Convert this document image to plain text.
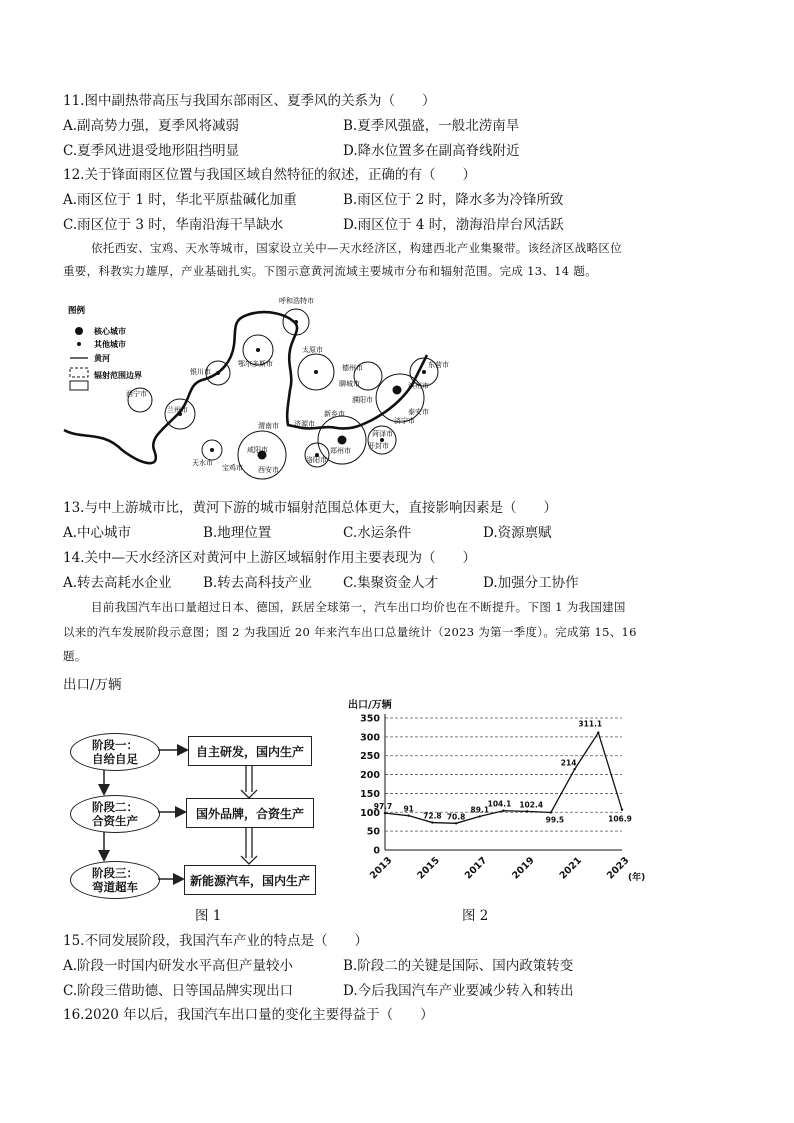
11.图中副热带高压与我国东部雨区、夏季风的关系为（　　）
A.副高势力强，夏季风将减弱	B.夏季风强盛，一般北涝南旱
C.夏季风进退受地形阻挡明显	D.降水位置多在副高脊线附近
12.关于锋面雨区位置与我国区域自然特征的叙述，正确的有（　　）
A.雨区位于 1 时，华北平原盐碱化加重	B.雨区位于 2 时，降水多为冷锋所致
C.雨区位于 3 时，华南沿海干旱缺水	D.雨区位于 4 时，渤海沿岸台风活跃
依托西安、宝鸡、天水等城市，国家设立关中—天水经济区，构建西北产业集聚带。该经济区战略区位
重要，科教实力雄厚，产业基础扎实。下图示意黄河流域主要城市分布和辐射范围。完成 13、14 题。
图例
核心城市
其他城市
黄河
辐射范围边界
呼和浩特市
鄂尔多斯市
银川市
太原市
德州市	东营市
聊城市	滨州市
西宁市
兰州市
濮阳市
泰安市
济宁市
新乡市
渭南市 济源市
菏泽市
开封市
郑州市
洛阳市
天水市
宝鸡市
咸阳市
西安市
13.与中上游城市比，黄河下游的城市辐射范围总体更大，直接影响因素是（　　）
A.中心城市	B.地理位置	C.水运条件	D.资源禀赋
14.关中—天水经济区对黄河中上游区域辐射作用主要表现为（　　）
A.转去高耗水企业 B.转去高科技产业 C.集聚资金人才	D.加强分工协作
目前我国汽车出口量超过日本、德国，跃居全球第一，汽车出口均价也在不断提升。下图 1 为我国建国
以来的汽车发展阶段示意图；图 2 为我国近 20 年来汽车出口总量统计（2023 为第一季度）。完成第 15、16
题。
出口/万辆
阶段一：
自给自足
阶段二：
合资生产
阶段三：
弯道超车
自主研发，国内生产
国外品牌，合资生产
新能源汽车，国内生产
图 1
出口/万辆
0
50
100
150
200
250
300
350
2013 2015 2017 2019 2021 2023
(年)
97.7 91
72.8 70.8
89.1
104.1 102.4
99.5
214
311.1
106.9
图 2
15.不同发展阶段，我国汽车产业的特点是（　　）
A.阶段一时国内研发水平高但产量较小	B.阶段二的关键是国际、国内政策转变
C.阶段三借助德、日等国品牌实现出口	D.今后我国汽车产业要减少转入和转出
16.2020 年以后，我国汽车出口量的变化主要得益于（　　）
